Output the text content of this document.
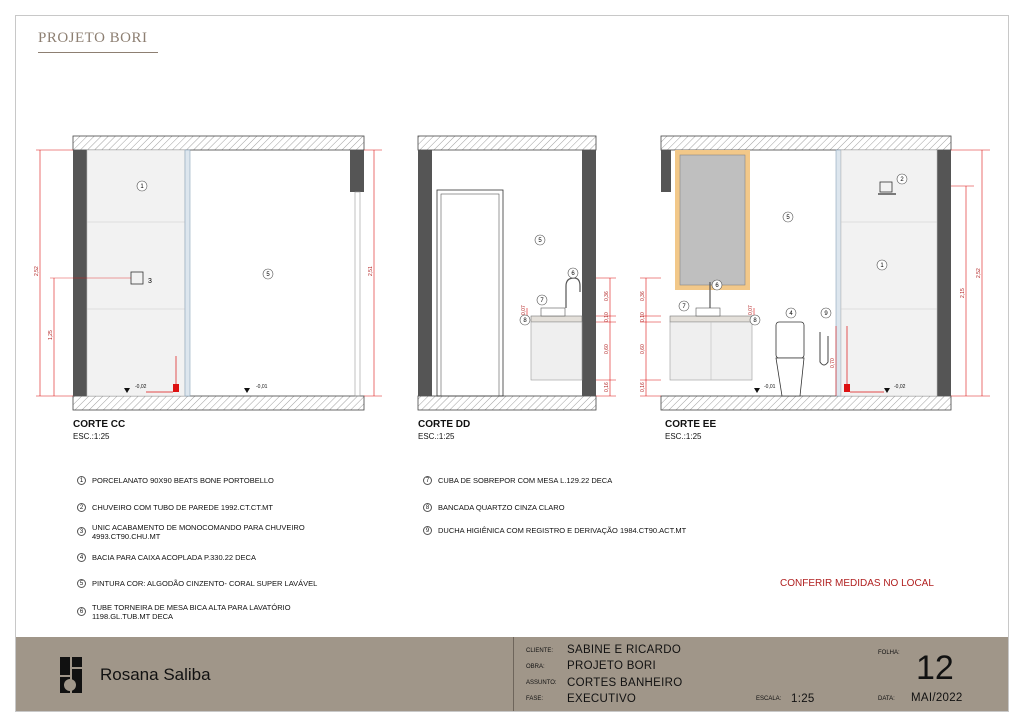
PROJETO BORI
1
3
5
5
6
7
8
5
6
7
8
4	9
1
2
2,52
1,25
2,51
0,36
0,10
0,60
0,16
0,07
0,36
0,10
0,60
0,16
0,07
0,70
2,15
2,52
-0,02	-0,01	-0,01	-0,02
CORTE CC
ESC.:1:25
CORTE DD
ESC.:1:25
CORTE EE
ESC.:1:25
1	PORCELANATO 90X90 BEATS BONE PORTOBELLO
2	CHUVEIRO COM TUBO DE PAREDE 1992.CT.CT.MT
3	UNIC ACABAMENTO DE MONOCOMANDO PARA CHUVEIRO
4993.CT90.CHU.MT
4	BACIA PARA CAIXA ACOPLADA P.330.22 DECA
5	PINTURA COR: ALGODÃO CINZENTO- CORAL SUPER LAVÁVEL
6	TUBE TORNEIRA DE MESA BICA ALTA PARA LAVATÓRIO
1198.GL.TUB.MT DECA
7	CUBA DE SOBREPOR COM MESA L.129.22 DECA
8	BANCADA QUARTZO CINZA CLARO
9	DUCHA HIGIÊNICA COM REGISTRO E DERIVAÇÃO 1984.CT90.ACT.MT
CONFERIR MEDIDAS NO LOCAL
Rosana Saliba
CLIENTE: SABINE E RICARDO
OBRA: PROJETO BORI
ASSUNTO: CORTES BANHEIRO
FASE: EXECUTIVO	ESCALA: 1:25
FOLHA: 12
DATA: MAI/2022
